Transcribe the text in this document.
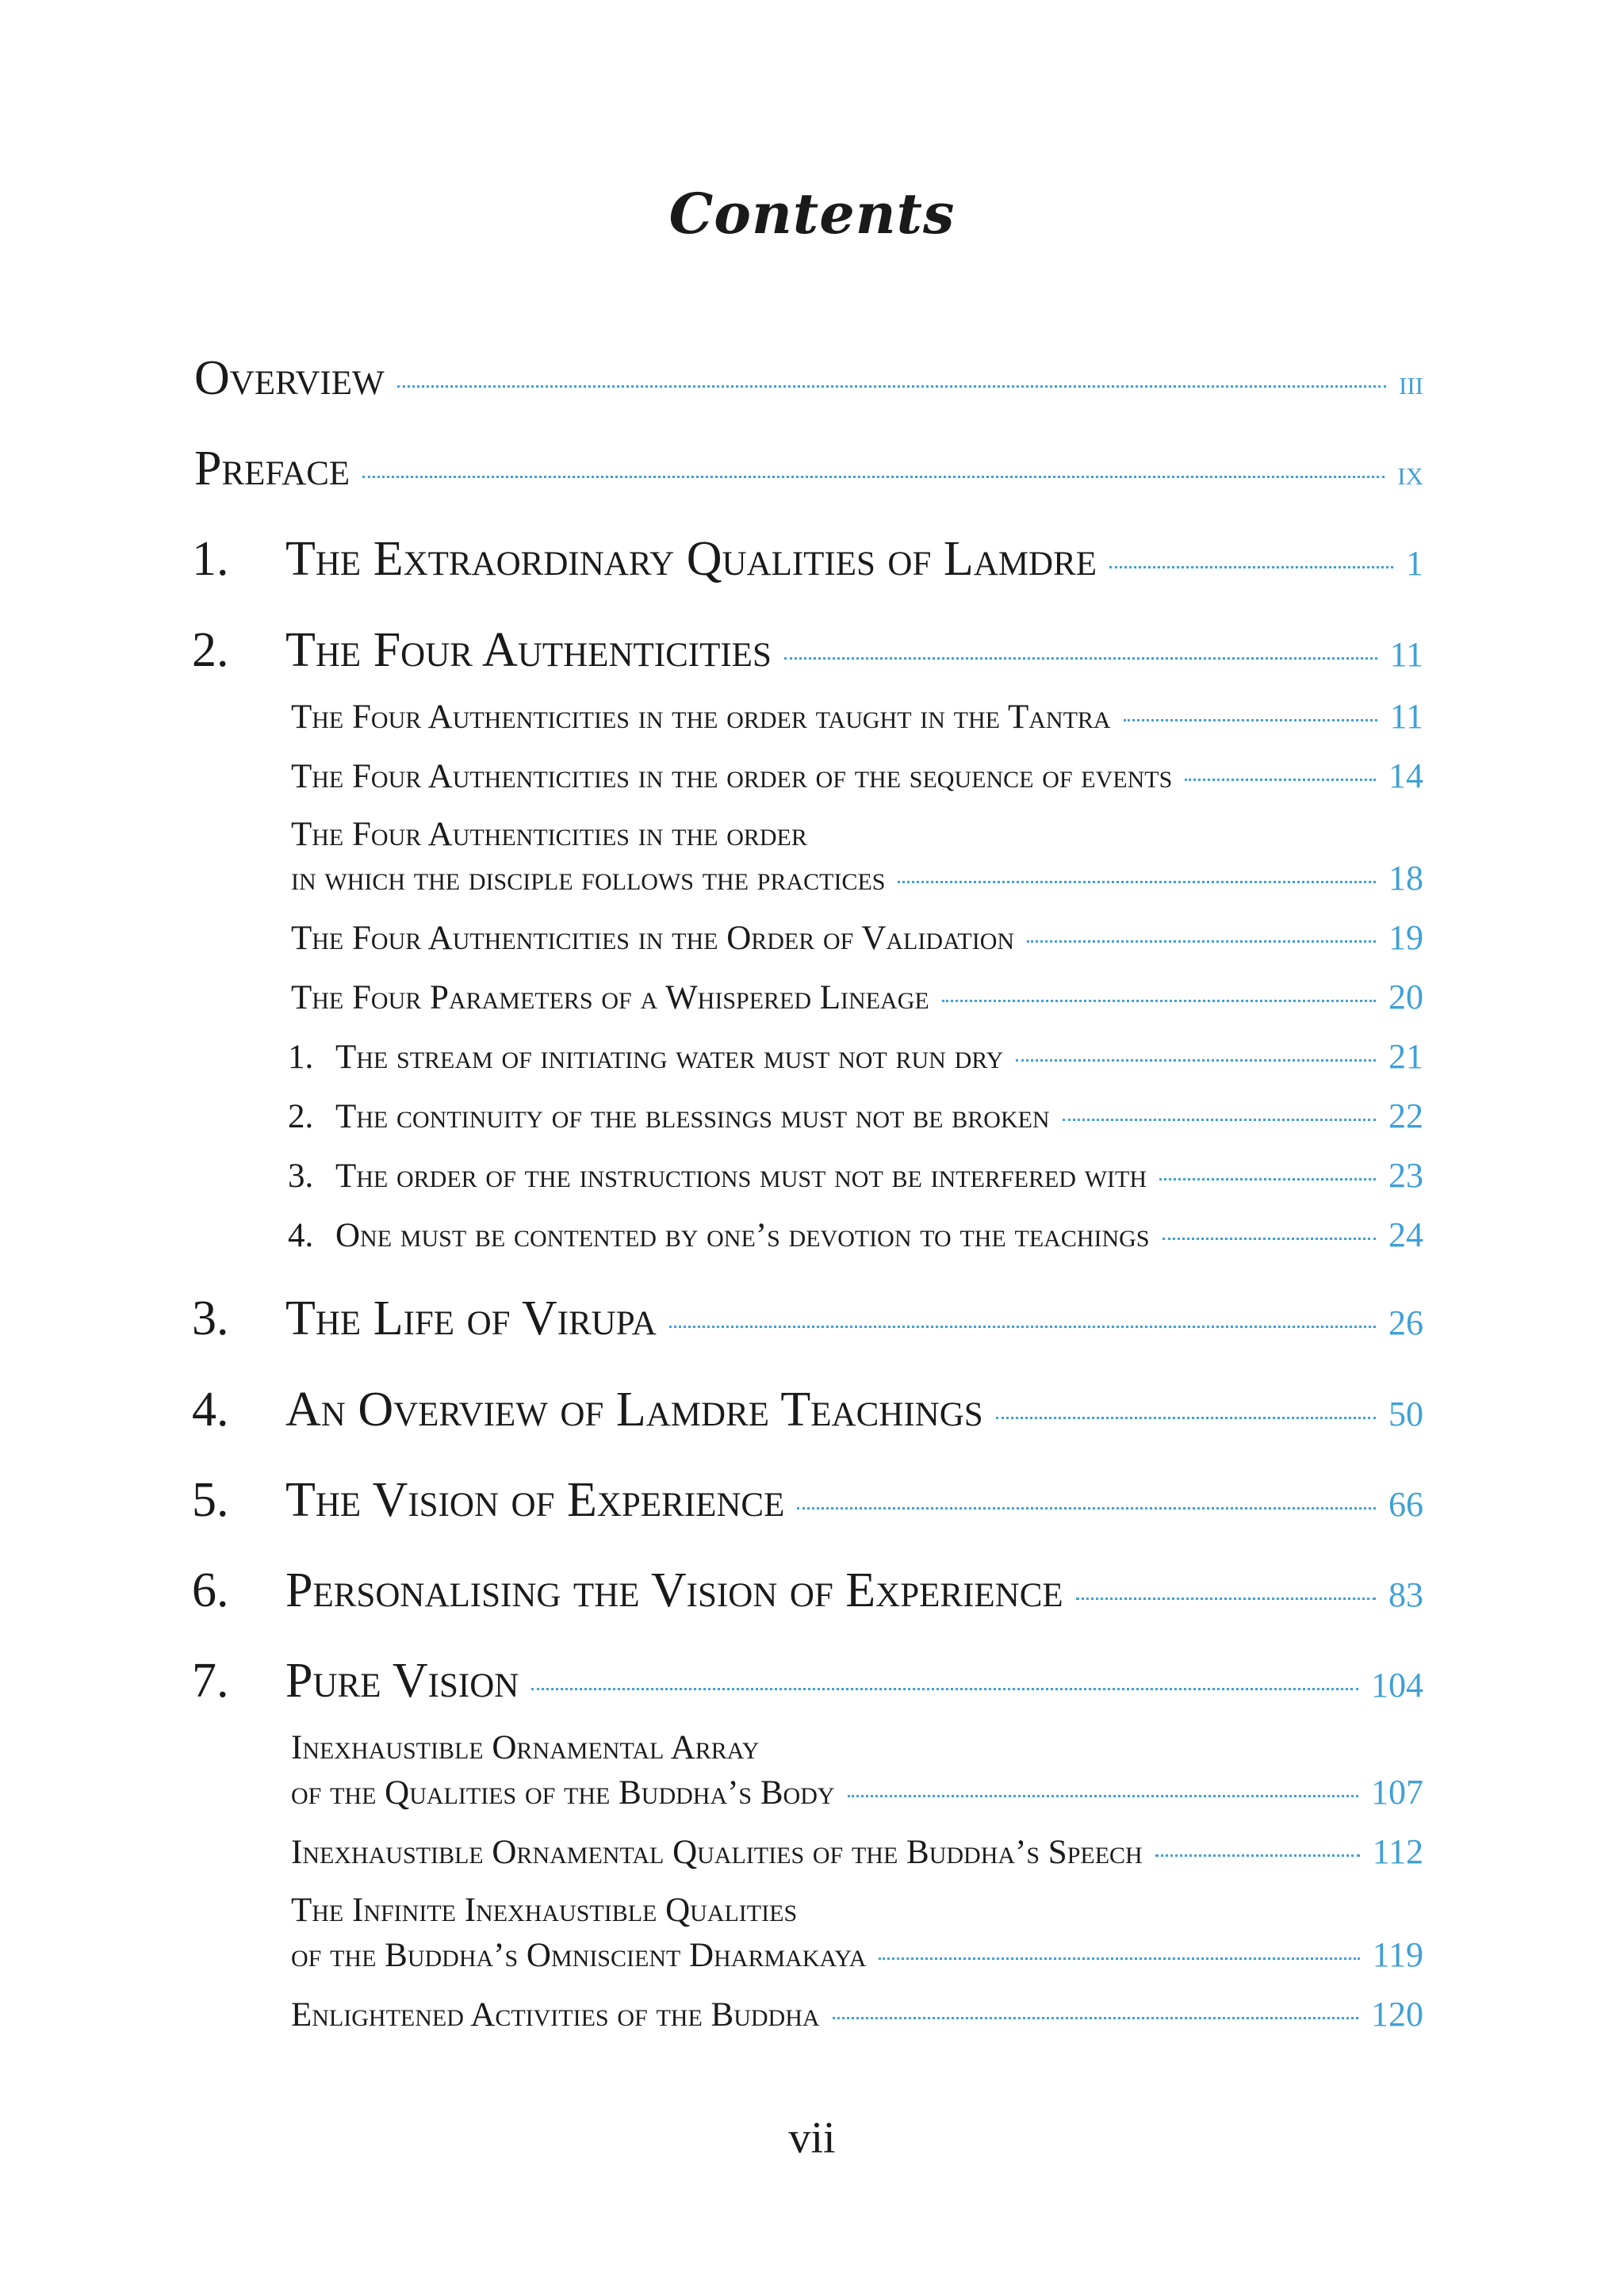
Contents
Overview	iii
Preface	ix
1.	The Extraordinary Qualities of Lamdre	1
2.	The Four Authenticities	11
The Four Authenticities in the order taught in the Tantra	11
The Four Authenticities in the order of the sequence of events	14
The Four Authenticities in the order
in which the disciple follows the practices	18
The Four Authenticities in the Order of Validation	19
The Four Parameters of a Whispered Lineage	20
1. The stream of initiating water must not run dry	21
2. The continuity of the blessings must not be broken	22
3. The order of the instructions must not be interfered with	23
4. One must be contented by one’s devotion to the teachings	24
3.	The Life of Virupa	26
4.	An Overview of Lamdre Teachings	50
5.	The Vision of Experience	66
6.	Personalising the Vision of Experience	83
7.	Pure Vision	104
Inexhaustible Ornamental Array
of the Qualities of the Buddha’s Body	107
Inexhaustible Ornamental Qualities of the Buddha’s Speech	112
The Infinite Inexhaustible Qualities
of the Buddha’s Omniscient Dharmakaya	119
Enlightened Activities of the Buddha	120
vii
